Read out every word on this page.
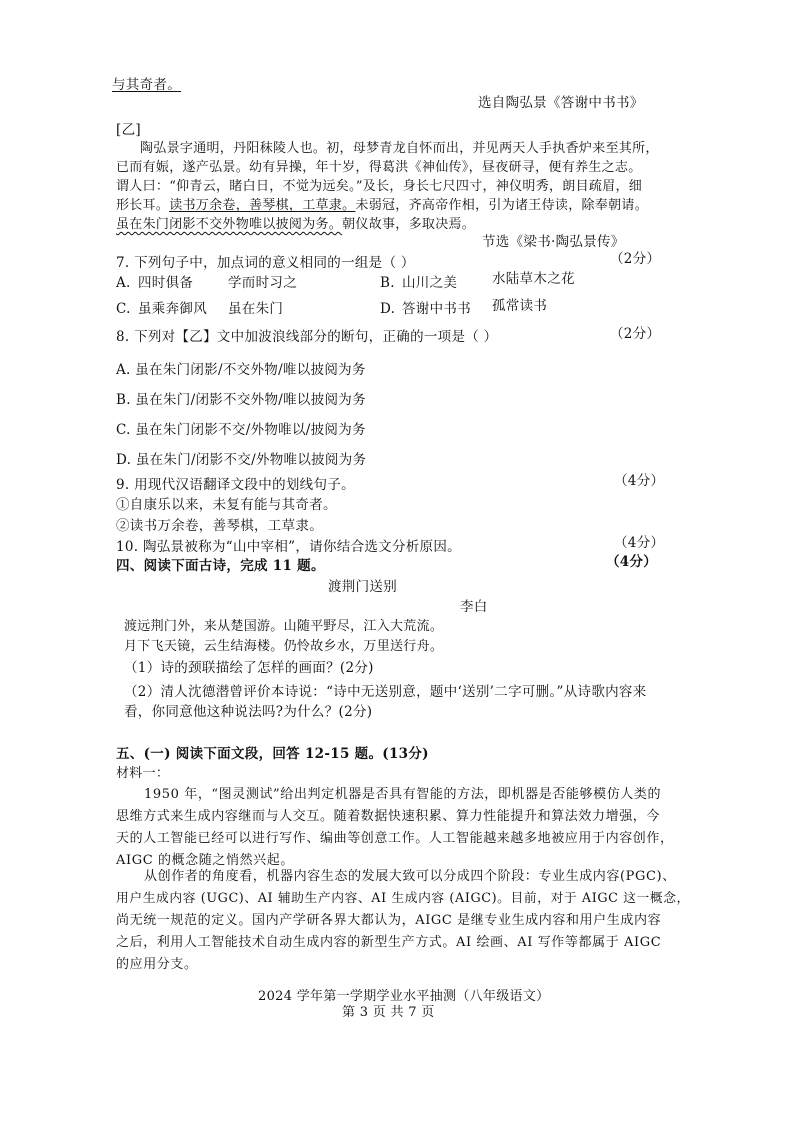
与其奇者。
选自陶弘景《答谢中书书》
[乙]
陶弘景字通明，丹阳秣陵人也。初，母梦青龙自怀而出，并见两天人手执香炉来至其所，
已而有娠，遂产弘景。幼有异操，年十岁，得葛洪《神仙传》，昼夜研寻，便有养生之志。
谓人曰：“仰青云，睹白日，不觉为远矣。”及长，身长七尺四寸，神仪明秀，朗目疏眉，细
形长耳。读书万余卷，善琴棋，工草隶。未弱冠，齐高帝作相，引为诸王侍读，除奉朝请。
虽在朱门闭影不交外物唯以披阅为务。朝仪故事，多取决焉。
节选《梁书·陶弘景传》
7. 下列句子中，加点词的意义相同的一组是（ ）	（2分）
A. 四时俱备	学而时习之	B. 山川之美	水陆草木之花
C. 虽乘奔御风 虽在朱门	D. 答谢中书书 孤常读书
8. 下列对【乙】文中加波浪线部分的断句，正确的一项是（ ）	（2分）
A. 虽在朱门闭影/不交外物/唯以披阅为务
B. 虽在朱门/闭影不交外物/唯以披阅为务
C. 虽在朱门闭影不交/外物唯以/披阅为务
D. 虽在朱门/闭影不交/外物唯以披阅为务
9. 用现代汉语翻译文段中的划线句子。	（4分）
①自康乐以来，未复有能与其奇者。
②读书万余卷，善琴棋，工草隶。
10. 陶弘景被称为“山中宰相”，请你结合选文分析原因。	（4分）
四、阅读下面古诗，完成 11 题。	（4分）
渡荆门送别
李白
渡远荆门外，来从楚国游。山随平野尽，江入大荒流。
月下飞天镜，云生结海楼。仍怜故乡水，万里送行舟。
（1）诗的颈联描绘了怎样的画面？(2分)
（2）清人沈德潜曾评价本诗说：“诗中无送别意，题中‘送别’二字可删。”从诗歌内容来
看，你同意他这种说法吗?为什么？(2分)
五、(一) 阅读下面文段，回答 12-15 题。(13分)
材料一：
1950 年，“图灵测试”给出判定机器是否具有智能的方法，即机器是否能够模仿人类的
思维方式来生成内容继而与人交互。随着数据快速积累、算力性能提升和算法效力增强，今
天的人工智能已经可以进行写作、编曲等创意工作。人工智能越来越多地被应用于内容创作，
AIGC 的概念随之悄然兴起。
从创作者的角度看，机器内容生态的发展大致可以分成四个阶段：专业生成内容(PGC)、
用户生成内容 (UGC)、AI 辅助生产内容、AI 生成内容 (AIGC)。目前，对于 AIGC 这一概念，
尚无统一规范的定义。国内产学研各界大都认为，AIGC 是继专业生成内容和用户生成内容
之后，利用人工智能技术自动生成内容的新型生产方式。AI 绘画、AI 写作等都属于 AIGC
的应用分支。
2024 学年第一学期学业水平抽测（八年级语文）
第 3 页 共 7 页
